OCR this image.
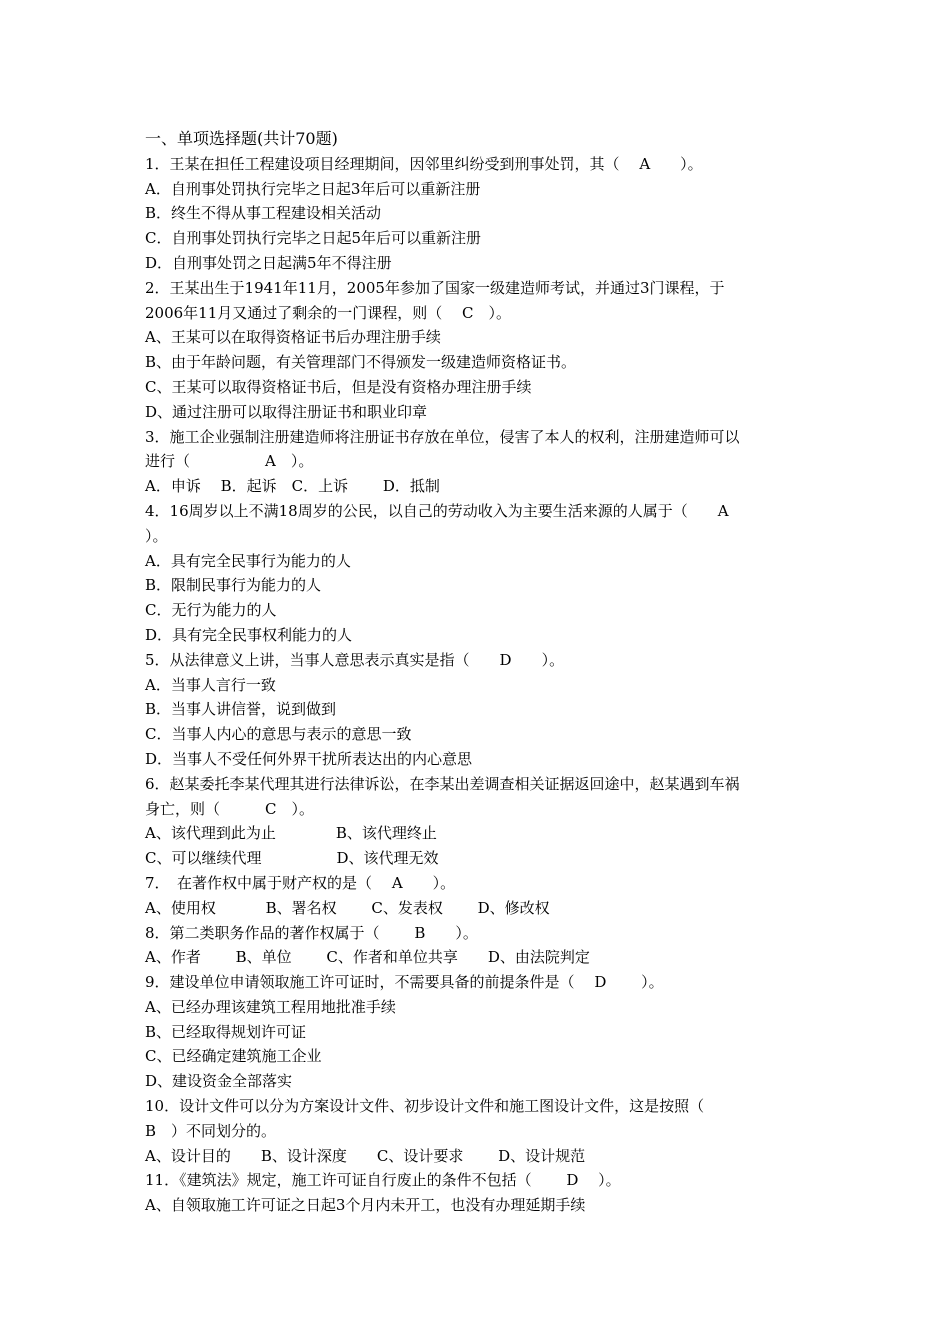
一、单项选择题(共计70题)
1．王某在担任工程建设项目经理期间，因邻里纠纷受到刑事处罚，其（　 A　　）。
A．自刑事处罚执行完毕之日起3年后可以重新注册
B．终生不得从事工程建设相关活动
C．自刑事处罚执行完毕之日起5年后可以重新注册
D．自刑事处罚之日起满5年不得注册
2．王某出生于1941年11月，2005年参加了国家一级建造师考试，并通过3门课程，于
2006年11月又通过了剩余的一门课程，则（　 C　）。
A、王某可以在取得资格证书后办理注册手续
B、由于年龄问题，有关管理部门不得颁发一级建造师资格证书。
C、王某可以取得资格证书后，但是没有资格办理注册手续
D、通过注册可以取得注册证书和职业印章
3．施工企业强制注册建造师将注册证书存放在单位，侵害了本人的权利，注册建造师可以
进行（　　　　　A　）。
A．申诉　 B．起诉　C．上诉　　 D．抵制
4．16周岁以上不满18周岁的公民，以自己的劳动收入为主要生活来源的人属于（　　A
）。
A．具有完全民事行为能力的人
B．限制民事行为能力的人
C．无行为能力的人
D．具有完全民事权利能力的人
5．从法律意义上讲，当事人意思表示真实是指（　　D　　）。
A．当事人言行一致
B．当事人讲信誉，说到做到
C．当事人内心的意思与表示的意思一致
D．当事人不受任何外界干扰所表达出的内心意思
6．赵某委托李某代理其进行法律诉讼，在李某出差调查相关证据返回途中，赵某遇到车祸
身亡，则（　　　C　）。
A、该代理到此为止　　　　B、该代理终止
C、可以继续代理　　　　　D、该代理无效
7．　在著作权中属于财产权的是（　 A　　）。
A、使用权　　　 B、署名权　　 C、发表权　　 D、修改权
8．第二类职务作品的著作权属于（　　 B　　）。
A、作者　　 B、单位　　 C、作者和单位共享　　D、由法院判定
9．建设单位申请领取施工许可证时，不需要具备的前提条件是（　 D　　 ）。
A、已经办理该建筑工程用地批准手续
B、已经取得规划许可证
C、已经确定建筑施工企业
D、建设资金全部落实
10．设计文件可以分为方案设计文件、初步设计文件和施工图设计文件，这是按照（
B　）不同划分的。
A、设计目的　　B、设计深度　　C、设计要求　　 D、设计规范
11．《建筑法》规定，施工许可证自行废止的条件不包括（　　 D　 ）。
A、自领取施工许可证之日起3个月内未开工，也没有办理延期手续
